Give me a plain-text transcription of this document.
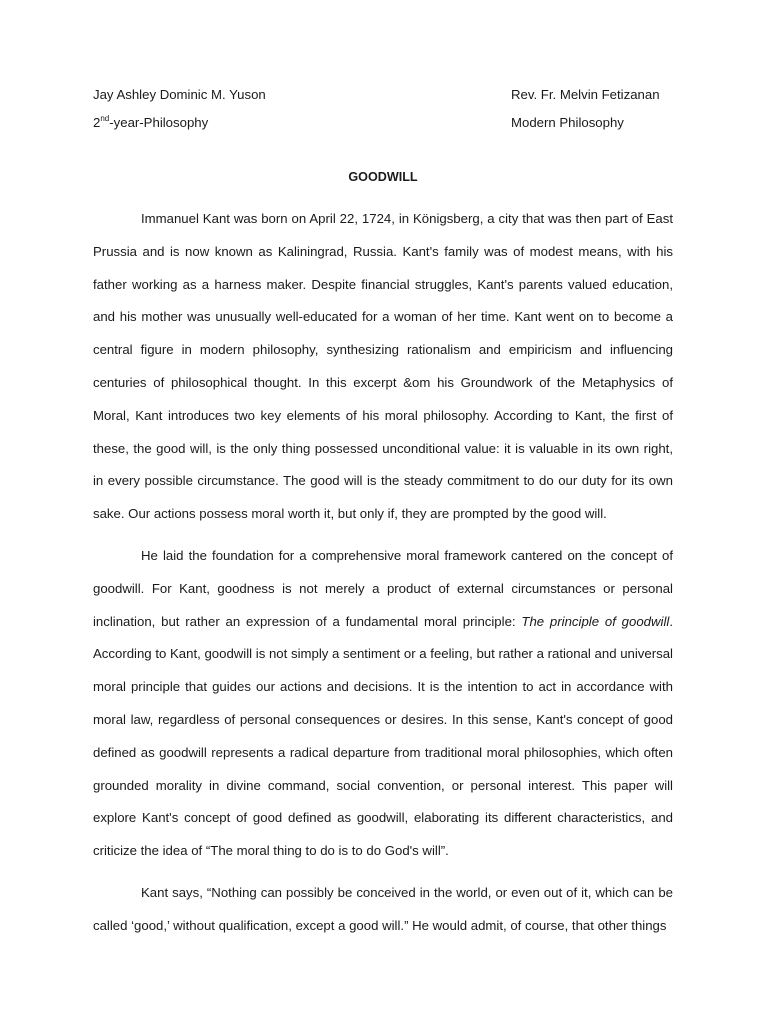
Jay Ashley Dominic M. Yuson	Rev. Fr. Melvin Fetizanan
2nd-year-Philosophy	Modern Philosophy
GOODWILL

Immanuel Kant was born on April 22, 1724, in Königsberg, a city that was then part of East Prussia and is now known as Kaliningrad, Russia. Kant's family was of modest means, with his father working as a harness maker. Despite financial struggles, Kant's parents valued education, and his mother was unusually well-educated for a woman of her time. Kant went on to become a central figure in modern philosophy, synthesizing rationalism and empiricism and influencing centuries of philosophical thought. In this excerpt &om his Groundwork of the Metaphysics of Moral, Kant introduces two key elements of his moral philosophy. According to Kant, the first of these, the good will, is the only thing possessed unconditional value: it is valuable in its own right, in every possible circumstance. The good will is the steady commitment to do our duty for its own sake. Our actions possess moral worth it, but only if, they are prompted by the good will.

He laid the foundation for a comprehensive moral framework cantered on the concept of goodwill. For Kant, goodness is not merely a product of external circumstances or personal inclination, but rather an expression of a fundamental moral principle: The principle of goodwill. According to Kant, goodwill is not simply a sentiment or a feeling, but rather a rational and universal moral principle that guides our actions and decisions. It is the intention to act in accordance with moral law, regardless of personal consequences or desires. In this sense, Kant's concept of good defined as goodwill represents a radical departure from traditional moral philosophies, which often grounded morality in divine command, social convention, or personal interest. This paper will explore Kant's concept of good defined as goodwill, elaborating its different characteristics, and criticize the idea of “The moral thing to do is to do God's will”.

Kant says, “Nothing can possibly be conceived in the world, or even out of it, which can be called ‘good,’ without qualification, except a good will.” He would admit, of course, that other things
